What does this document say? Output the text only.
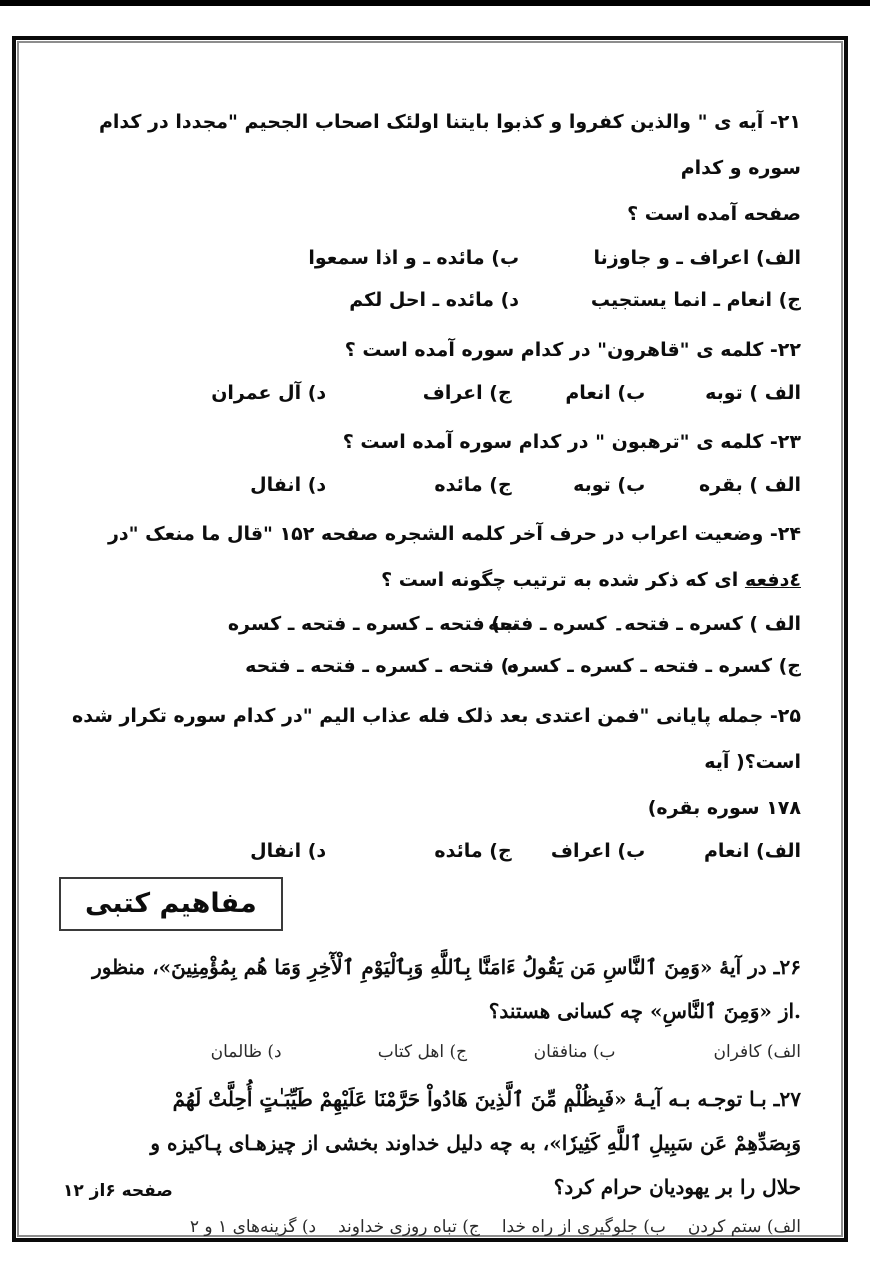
۲۱- آیه ی " والذین کفروا و کذبوا بایتنا اولئک اصحاب الجحیم "مجددا در کدام سوره و کدام
صفحه آمده است ؟
الف) اعراف ـ و جاوزنا
ب) مائده ـ و اذا سمعوا
ج) انعام ـ انما یستجیب
د) مائده ـ احل لکم
۲۲- کلمه ی "قاهرون" در کدام سوره آمده است ؟
الف ) توبه
ب) انعام
ج) اعراف
د) آل عمران
۲۳- کلمه ی "ترهبون " در کدام سوره آمده است ؟
الف ) بقره
ب) توبه
ج) مائده
د) انفال
۲۴- وضعیت اعراب در حرف آخر کلمه الشجره صفحه ۱۵۲ "قال ما منعک "در
٤دفعه ای که ذکر شده به ترتیب چگونه است ؟
الف ) کسره ـ فتحه۔ کسره ـ فتحه
ب) فتحه ـ کسره ـ فتحه ـ کسره
ج) کسره ـ فتحه ـ کسره ـ کسره
د) فتحه ـ کسره ـ فتحه ـ فتحه
۲۵- جمله پایانی "فمن اعتدی بعد ذلک فله عذاب الیم "در کدام سوره تکرار شده است؟( آیه
۱۷۸ سوره بقره)
الف) انعام
ب) اعراف
ج) مائده
د) انفال
مفاهیم کتبی
۲۶ـ در آیهٔ «وَمِنَ ٱلنَّاسِ مَن یَقُولُ ءَامَنَّا بِٱللَّهِ وَبِٱلْیَوْمِ ٱلْأٓخِرِ وَمَا هُم بِمُؤْمِنِینَ»، منظور
.از «وَمِنَ ٱلنَّاسِ» چه کسانی هستند؟
الف) کافران
ب) منافقان
ج) اهل کتاب
د) ظالمان
۲۷ـ بـا توجـه بـه آیـهٔ «فَبِظُلْمٖ مِّنَ ٱلَّذِینَ هَادُواْ حَرَّمْنَا عَلَیْهِمْ طَیِّبَـٰتٍ أُحِلَّتْ لَهُمْ
وَبِصَدِّهِمْ عَن سَبِیلِ ٱللَّهِ کَثِیرٗا»، به چه دلیل خداوند بخشی از چیزهـای پـاکیزه و
حلال را بر یهودیان حرام کرد؟
الف) ستم کردن
ب) جلوگیری از راه خدا
ج) تباه روزی خداوند
د) گزینه‌های ۱ و ۲
صفحه ۶از ۱۲
